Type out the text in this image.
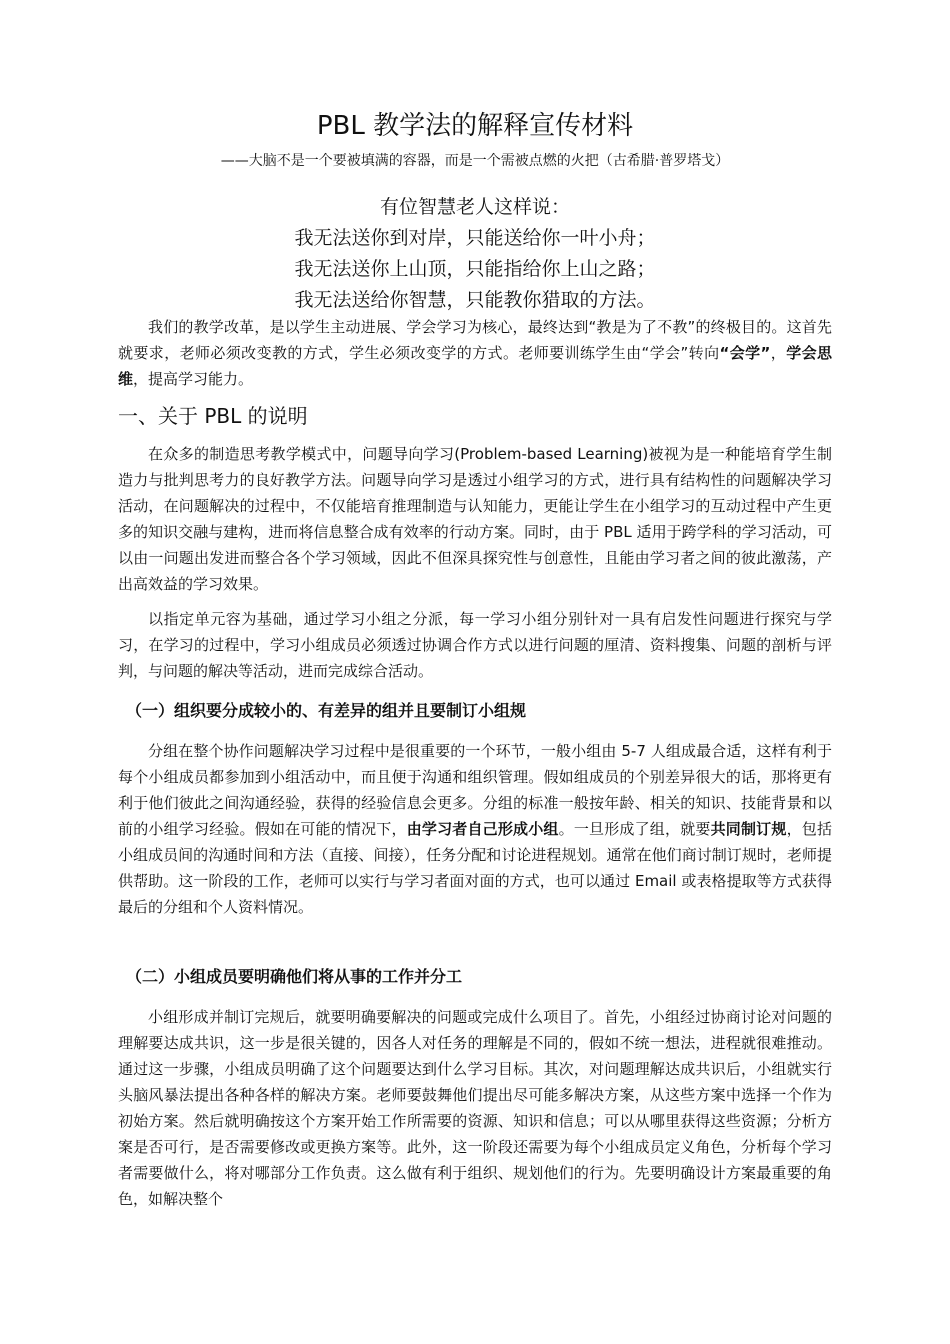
PBL 教学法的解释宣传材料
——大脑不是一个要被填满的容器，而是一个需被点燃的火把（古希腊·普罗塔戈）
有位智慧老人这样说：
我无法送你到对岸，只能送给你一叶小舟；
我无法送你上山顶，只能指给你上山之路；
我无法送给你智慧，只能教你猎取的方法。

我们的教学改革，是以学生主动进展、学会学习为核心，最终达到“教是为了不教”的终极目的。这首先就要求，老师必须改变教的方式，学生必须改变学的方式。老师要训练学生由“学会”转向“会学”，学会思维，提高学习能力。

一、关于 PBL 的说明

在众多的制造思考教学模式中，问题导向学习(Problem-based Learning)被视为是一种能培育学生制造力与批判思考力的良好教学方法。问题导向学习是透过小组学习的方式，进行具有结构性的问题解决学习活动，在问题解决的过程中，不仅能培育推理制造与认知能力，更能让学生在小组学习的互动过程中产生更多的知识交融与建构，进而将信息整合成有效率的行动方案。同时，由于 PBL 适用于跨学科的学习活动，可以由一问题出发进而整合各个学习领域，因此不但深具探究性与创意性，且能由学习者之间的彼此激荡，产出高效益的学习效果。

以指定单元容为基础，通过学习小组之分派，每一学习小组分别针对一具有启发性问题进行探究与学习，在学习的过程中，学习小组成员必须透过协调合作方式以进行问题的厘清、资料搜集、问题的剖析与评判，与问题的解决等活动，进而完成综合活动。

（一）组织要分成较小的、有差异的组并且要制订小组规

分组在整个协作问题解决学习过程中是很重要的一个环节，一般小组由 5-7 人组成最合适，这样有利于每个小组成员都参加到小组活动中，而且便于沟通和组织管理。假如组成员的个别差异很大的话，那将更有利于他们彼此之间沟通经验，获得的经验信息会更多。分组的标准一般按年龄、相关的知识、技能背景和以前的小组学习经验。假如在可能的情况下，由学习者自己形成小组。一旦形成了组，就要共同制订规，包括小组成员间的沟通时间和方法（直接、间接），任务分配和讨论进程规划。通常在他们商讨制订规时，老师提供帮助。这一阶段的工作，老师可以实行与学习者面对面的方式，也可以通过 Email 或表格提取等方式获得最后的分组和个人资料情况。

（二）小组成员要明确他们将从事的工作并分工

小组形成并制订完规后，就要明确要解决的问题或完成什么项目了。首先，小组经过协商讨论对问题的理解要达成共识，这一步是很关键的，因各人对任务的理解是不同的，假如不统一想法，进程就很难推动。通过这一步骤，小组成员明确了这个问题要达到什么学习目标。其次，对问题理解达成共识后，小组就实行头脑风暴法提出各种各样的解决方案。老师要鼓舞他们提出尽可能多解决方案，从这些方案中选择一个作为初始方案。然后就明确按这个方案开始工作所需要的资源、知识和信息；可以从哪里获得这些资源；分析方案是否可行，是否需要修改或更换方案等。此外，这一阶段还需要为每个小组成员定义角色，分析每个学习者需要做什么，将对哪部分工作负责。这么做有利于组织、规划他们的行为。先要明确设计方案最重要的角色，如解决整个
